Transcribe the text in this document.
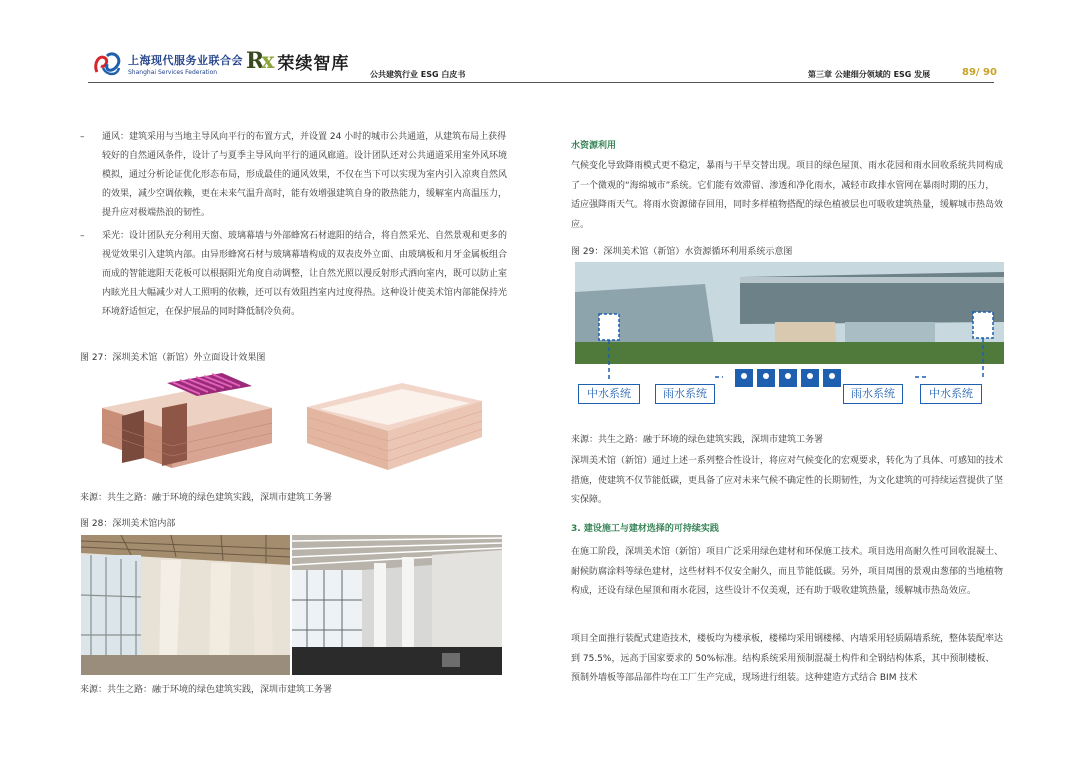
上海现代服务业联合会
Shanghai Services Federation	Rx 荣续智库
公共建筑行业 ESG 白皮书	第三章 公建细分领域的 ESG 发展	89/ 90
–	通风：建筑采用与当地主导风向平行的布置方式，并设置 24 小时的城市公共通道，从建筑布局上获得较好的自然通风条件，设计了与夏季主导风向平行的通风廊道。设计团队还对公共通道采用室外风环境模拟，通过分析论证优化形态布局，形成最佳的通风效果，不仅在当下可以实现为室内引入凉爽自然风的效果，减少空调依赖，更在未来气温升高时，能有效增强建筑自身的散热能力，缓解室内高温压力，提升应对极端热浪的韧性。
–	采光：设计团队充分利用天窗、玻璃幕墙与外部蜂窝石材遮阳的结合，将自然采光、自然景观和更多的视觉效果引入建筑内部。由异形蜂窝石材与玻璃幕墙构成的双表皮外立面、由玻璃板和月牙金属板组合而成的智能遮阳天花板可以根据阳光角度自动调整，让自然光照以漫反射形式洒向室内，既可以防止室内眩光且大幅减少对人工照明的依赖，还可以有效阻挡室内过度得热。这种设计使美术馆内部能保持光环境舒适恒定，在保护展品的同时降低制冷负荷。
图 27：深圳美术馆（新馆）外立面设计效果图
来源：共生之路：融于环境的绿色建筑实践，深圳市建筑工务署
图 28：深圳美术馆内部
来源：共生之路：融于环境的绿色建筑实践，深圳市建筑工务署
水资源利用
气候变化导致降雨模式更不稳定，暴雨与干旱交替出现。项目的绿色屋顶、雨水花园和雨水回收系统共同构成了一个微观的“海绵城市”系统。它们能有效滞留、渗透和净化雨水，减轻市政排水管网在暴雨时期的压力，适应强降雨天气。将雨水资源储存回用，同时多样植物搭配的绿色植被层也可吸收建筑热量，缓解城市热岛效应。
图 29：深圳美术馆（新馆）水资源循环利用系统示意图
中水系统	雨水系统	雨水系统	中水系统
来源：共生之路：融于环境的绿色建筑实践，深圳市建筑工务署
深圳美术馆（新馆）通过上述一系列整合性设计，将应对气候变化的宏观要求，转化为了具体、可感知的技术措施，使建筑不仅节能低碳，更具备了应对未来气候不确定性的长期韧性，为文化建筑的可持续运营提供了坚实保障。
3. 建设施工与建材选择的可持续实践
在施工阶段，深圳美术馆（新馆）项目广泛采用绿色建材和环保施工技术。项目选用高耐久性可回收混凝土、耐候防腐涂料等绿色建材，这些材料不仅安全耐久，而且节能低碳。另外，项目周围的景观由葱郁的当地植物构成，还设有绿色屋顶和雨水花园，这些设计不仅美观，还有助于吸收建筑热量，缓解城市热岛效应。
项目全面推行装配式建造技术，楼板均为楼承板，楼梯均采用钢楼梯、内墙采用轻质隔墙系统，整体装配率达到 75.5%，远高于国家要求的 50%标准。结构系统采用预制混凝土构件和全钢结构体系，其中预制楼板、预制外墙板等部品部件均在工厂生产完成，现场进行组装。这种建造方式结合 BIM 技术
